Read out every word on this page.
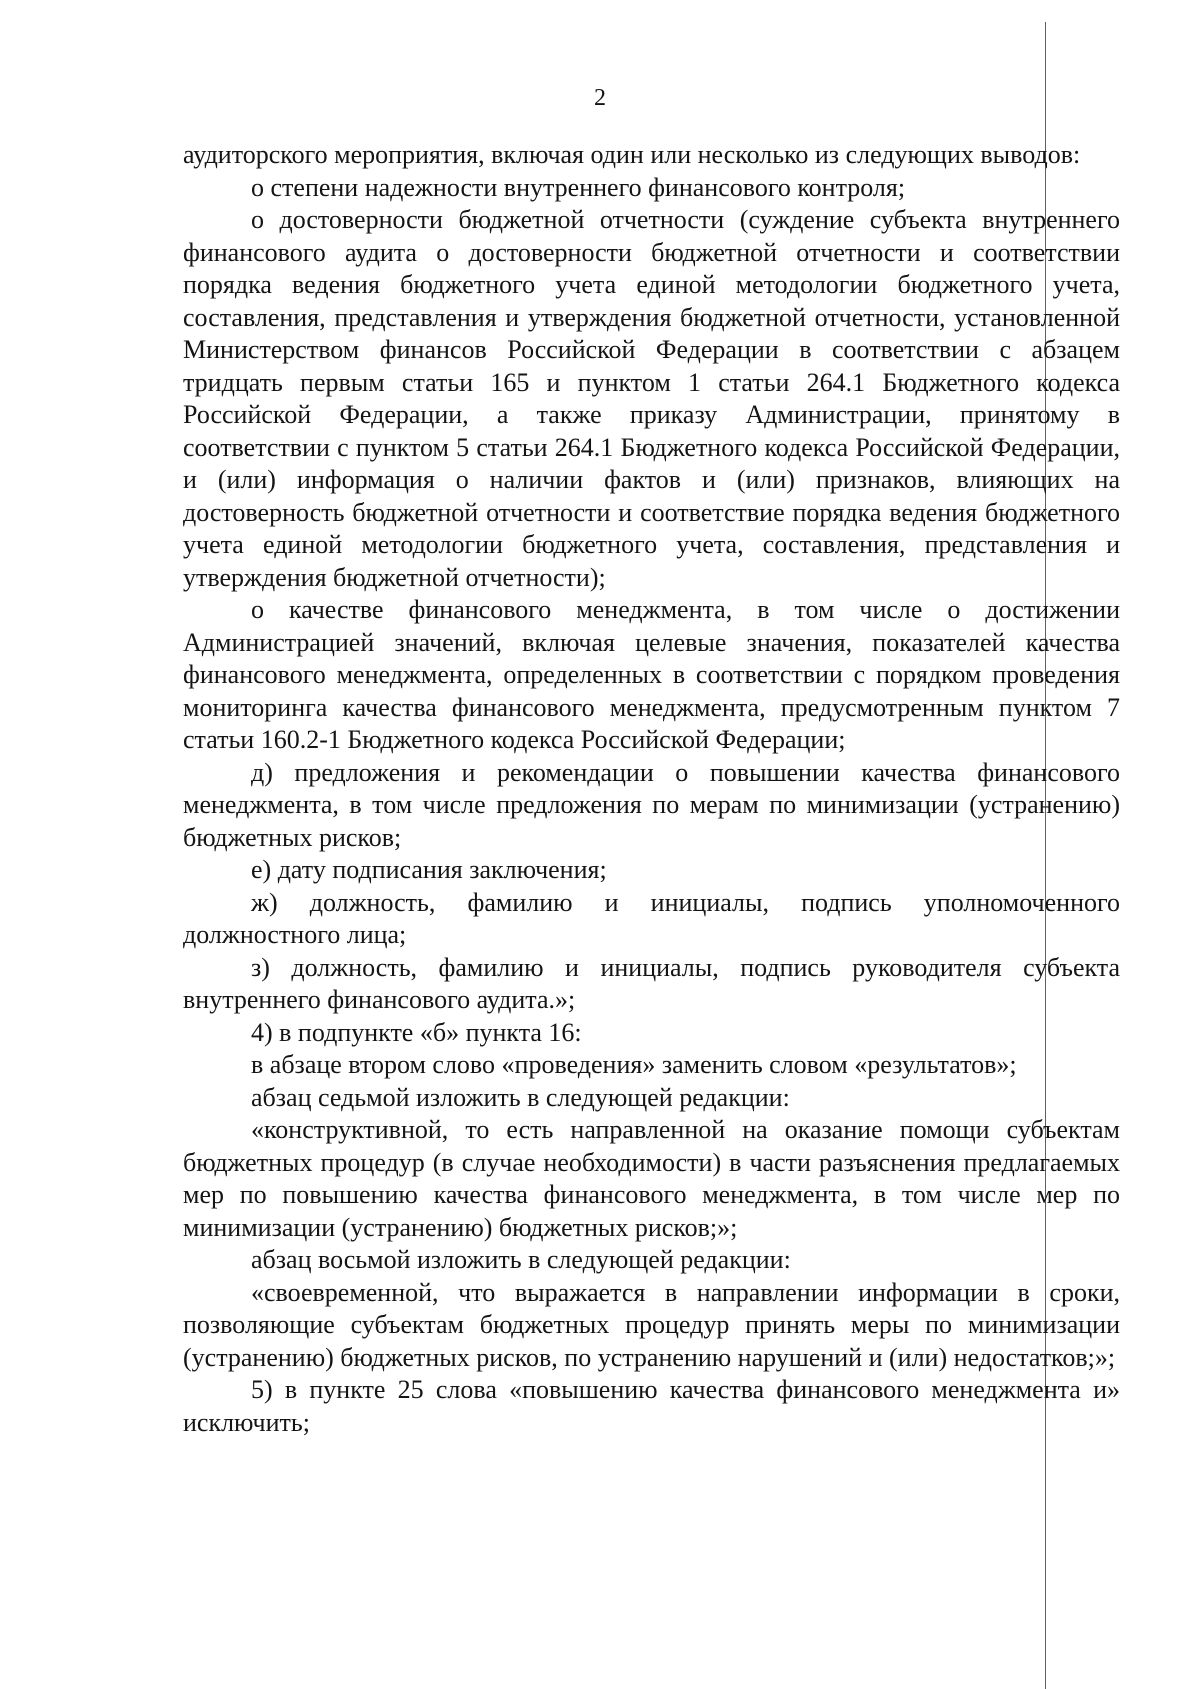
2

аудиторского мероприятия, включая один или несколько из следующих выводов:

о степени надежности внутреннего финансового контроля;

о достоверности бюджетной отчетности (суждение субъекта внутреннего финансового аудита о достоверности бюджетной отчетности и соответствии порядка ведения бюджетного учета единой методологии бюджетного учета, составления, представления и утверждения бюджетной отчетности, установленной Министерством финансов Российской Федерации в соответствии с абзацем тридцать первым статьи 165 и пунктом 1 статьи 264.1 Бюджетного кодекса Российской Федерации, а также приказу Администрации, принятому в соответствии с пунктом 5 статьи 264.1 Бюджетного кодекса Российской Федерации, и (или) информация о наличии фактов и (или) признаков, влияющих на достоверность бюджетной отчетности и соответствие порядка ведения бюджетного учета единой методологии бюджетного учета, составления, представления и утверждения бюджетной отчетности);

о качестве финансового менеджмента, в том числе о достижении Администрацией значений, включая целевые значения, показателей качества финансового менеджмента, определенных в соответствии с порядком проведения мониторинга качества финансового менеджмента, предусмотренным пунктом 7 статьи 160.2-1 Бюджетного кодекса Российской Федерации;

д) предложения и рекомендации о повышении качества финансового менеджмента, в том числе предложения по мерам по минимизации (устранению) бюджетных рисков;

е) дату подписания заключения;

ж) должность, фамилию и инициалы, подпись уполномоченного должностного лица;

з) должность, фамилию и инициалы, подпись руководителя субъекта внутреннего финансового аудита.»;

4) в подпункте «б» пункта 16:

в абзаце втором слово «проведения» заменить словом «результатов»;

абзац седьмой изложить в следующей редакции:

«конструктивной, то есть направленной на оказание помощи субъектам бюджетных процедур (в случае необходимости) в части разъяснения предлагаемых мер по повышению качества финансового менеджмента, в том числе мер по минимизации (устранению) бюджетных рисков;»;

абзац восьмой изложить в следующей редакции:

«своевременной, что выражается в направлении информации в сроки, позволяющие субъектам бюджетных процедур принять меры по минимизации (устранению) бюджетных рисков, по устранению нарушений и (или) недостатков;»;

5) в пункте 25 слова «повышению качества финансового менеджмента и» исключить;
